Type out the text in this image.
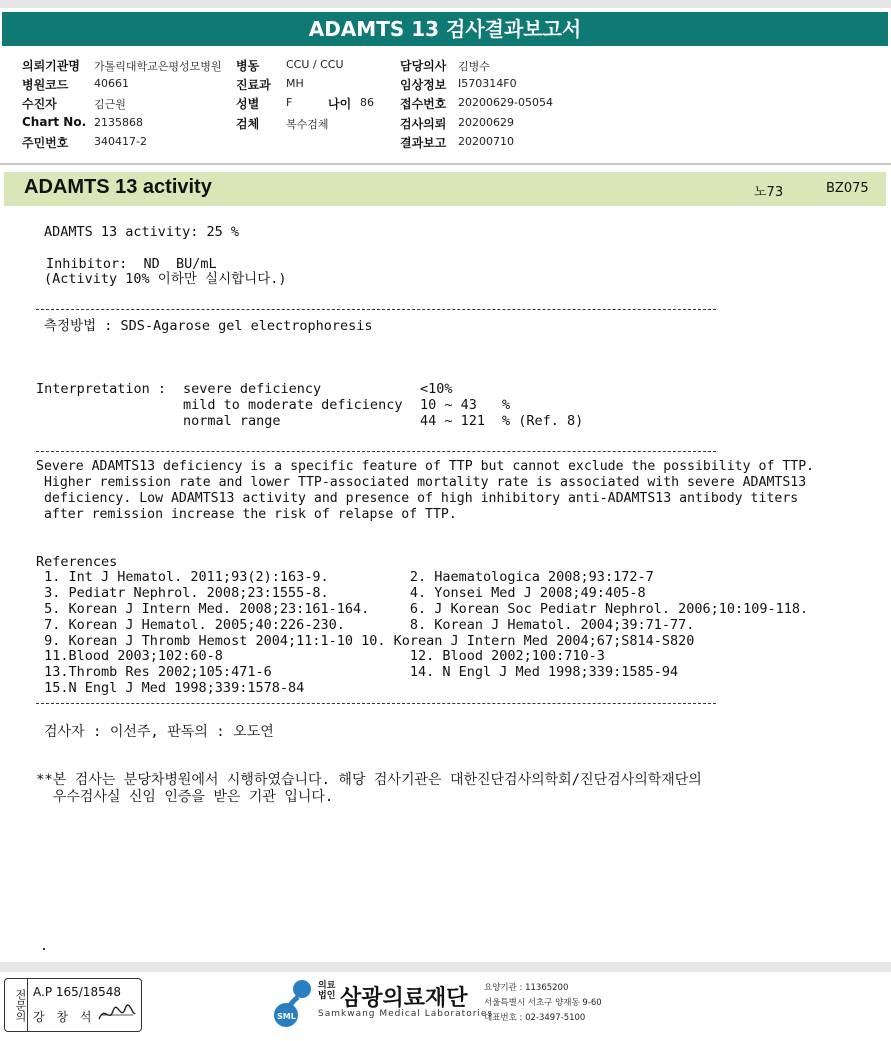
ADAMTS 13 검사결과보고서
의뢰기관명 가톨릭대학교은평성모병원 병동 CCU / CCU	담당의사 김병수
병원코드 40661	진료과 MH	임상정보 I570314F0
수진자	김근원	성별 F	나이 86 접수번호 20200629-05054
Chart No. 2135868	검체 복수검체	검사의뢰 20200629
주민번호 340417-2	결과보고 20200710
ADAMTS 13 activity	노73	BZ075
ADAMTS 13 activity: 25 %
Inhibitor:  ND  BU/mL
(Activity 10% 이하만 실시합니다.)
측정방법 : SDS-Agarose gel electrophoresis
Interpretation : severe deficiency	<10%
mild to moderate deficiency 10 ~ 43 %
normal range	44 ~ 121 % (Ref. 8)
Severe ADAMTS13 deficiency is a specific feature of TTP but cannot exclude the possibility of TTP.
Higher remission rate and lower TTP-associated mortality rate is associated with severe ADAMTS13
deficiency. Low ADAMTS13 activity and presence of high inhibitory anti-ADAMTS13 antibody titers
after remission increase the risk of relapse of TTP.
References
1. Int J Hematol. 2011;93(2):163-9.          2. Haematologica 2008;93:172-7
3. Pediatr Nephrol. 2008;23:1555-8.          4. Yonsei Med J 2008;49:405-8
5. Korean J Intern Med. 2008;23:161-164.     6. J Korean Soc Pediatr Nephrol. 2006;10:109-118.
7. Korean J Hematol. 2005;40:226-230.        8. Korean J Hematol. 2004;39:71-77.
9. Korean J Thromb Hemost 2004;11:1-10 10. Korean J Intern Med 2004;67;S814-S820
11.Blood 2003;102:60-8                       12. Blood 2002;100:710-3
13.Thromb Res 2002;105:471-6                 14. N Engl J Med 1998;339:1585-94
15.N Engl J Med 1998;339:1578-84
검사자 : 이선주, 판독의 : 오도연
**본 검사는 분당차병원에서 시행하였습니다. 해당 검사기관은 대한진단검사의학회/진단검사의학재단의
우수검사실 신임 인증을 받은 기관 입니다.
.
전문의 A.P 165/18548
강 창 석	SML
의료
법인 삼광의료재단
Samkwang Medical Laboratories
요양기관 : 11365200
서울특별시 서초구 양재동 9-60
대표번호 : 02-3497-5100
